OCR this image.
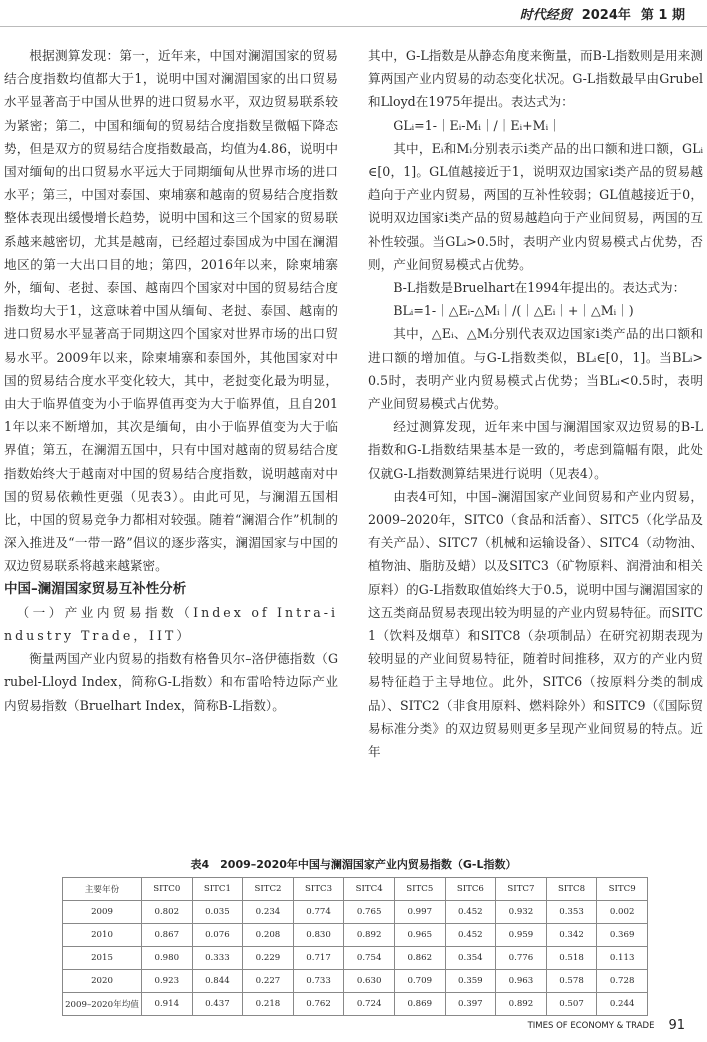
时代经贸 2024年 第 1 期

根据测算发现：第一，近年来，中国对澜湄国家的贸易结合度指数均值都大于1，说明中国对澜湄国家的出口贸易水平显著高于中国从世界的进口贸易水平，双边贸易联系较为紧密；第二，中国和缅甸的贸易结合度指数呈微幅下降态势，但是双方的贸易结合度指数最高，均值为4.86，说明中国对缅甸的出口贸易水平远大于同期缅甸从世界市场的进口水平；第三，中国对泰国、柬埔寨和越南的贸易结合度指数整体表现出缓慢增长趋势，说明中国和这三个国家的贸易联系越来越密切，尤其是越南，已经超过泰国成为中国在澜湄地区的第一大出口目的地；第四，2016年以来，除柬埔寨外，缅甸、老挝、泰国、越南四个国家对中国的贸易结合度指数均大于1，这意味着中国从缅甸、老挝、泰国、越南的进口贸易水平显著高于同期这四个国家对世界市场的出口贸易水平。2009年以来，除柬埔寨和泰国外，其他国家对中国的贸易结合度水平变化较大，其中，老挝变化最为明显，由大于临界值变为小于临界值再变为大于临界值，且自2011年以来不断增加，其次是缅甸，由小于临界值变为大于临界值；第五，在澜湄五国中，只有中国对越南的贸易结合度指数始终大于越南对中国的贸易结合度指数，说明越南对中国的贸易依赖性更强（见表3）。由此可见，与澜湄五国相比，中国的贸易竞争力都相对较强。随着“澜湄合作”机制的深入推进及“一带一路”倡议的逐步落实，澜湄国家与中国的双边贸易联系将越来越紧密。

中国–澜湄国家贸易互补性分析

（一）产业内贸易指数（Index of Intra-industry Trade，IIT）

衡量两国产业内贸易的指数有格鲁贝尔–洛伊德指数（Grubel-Lloyd Index，简称G-L指数）和布雷哈特边际产业内贸易指数（Bruelhart Index，简称B-L指数）。

其中，G-L指数是从静态角度来衡量，而B-L指数则是用来测算两国产业内贸易的动态变化状况。G-L指数最早由Grubel和Lloyd在1975年提出。表达式为：

GLᵢ=1-｜Eᵢ-Mᵢ｜/｜Eᵢ+Mᵢ｜

其中，Eᵢ和Mᵢ分别表示i类产品的出口额和进口额，GLᵢ∈[0，1]。GL值越接近于1，说明双边国家i类产品的贸易越趋向于产业内贸易，两国的互补性较弱；GL值越接近于0，说明双边国家i类产品的贸易越趋向于产业间贸易，两国的互补性较强。当GLᵢ>0.5时，表明产业内贸易模式占优势，否则，产业间贸易模式占优势。

B-L指数是Bruelhart在1994年提出的。表达式为：

BLᵢ=1-｜△Eᵢ-△Mᵢ｜/(｜△Eᵢ｜+｜△Mᵢ｜)

其中，△Eᵢ、△Mᵢ分别代表双边国家i类产品的出口额和进口额的增加值。与G-L指数类似，BLᵢ∈[0，1]。当BLᵢ>0.5时，表明产业内贸易模式占优势；当BLᵢ<0.5时，表明产业间贸易模式占优势。

经过测算发现，近年来中国与澜湄国家双边贸易的B-L指数和G-L指数结果基本是一致的，考虑到篇幅有限，此处仅就G-L指数测算结果进行说明（见表4）。

由表4可知，中国–澜湄国家产业间贸易和产业内贸易，2009–2020年，SITC0（食品和活畜）、SITC5（化学品及有关产品）、SITC7（机械和运输设备）、SITC4（动物油、植物油、脂肪及蜡）以及SITC3（矿物原料、润滑油和相关原料）的G-L指数取值始终大于0.5，说明中国与澜湄国家的这五类商品贸易表现出较为明显的产业内贸易特征。而SITC1（饮料及烟草）和SITC8（杂项制品）在研究初期表现为较明显的产业间贸易特征，随着时间推移，双方的产业内贸易特征趋于主导地位。此外，SITC6（按原料分类的制成品）、SITC2（非食用原料、燃料除外）和SITC9（《国际贸易标准分类》的双边贸易则更多呈现产业间贸易的特点。近年

表4　2009–2020年中国与澜湄国家产业内贸易指数（G-L指数）
主要年份	SITC0	SITC1	SITC2	SITC3	SITC4	SITC5	SITC6	SITC7	SITC8	SITC9
2009	0.802	0.035	0.234	0.774	0.765	0.997	0.452	0.932	0.353	0.002
2010	0.867	0.076	0.208	0.830	0.892	0.965	0.452	0.959	0.342	0.369
2015	0.980	0.333	0.229	0.717	0.754	0.862	0.354	0.776	0.518	0.113
2020	0.923	0.844	0.227	0.733	0.630	0.709	0.359	0.963	0.578	0.728
2009–2020年均值	0.914	0.437	0.218	0.762	0.724	0.869	0.397	0.892	0.507	0.244
TIMES OF ECONOMY & TRADE 91
